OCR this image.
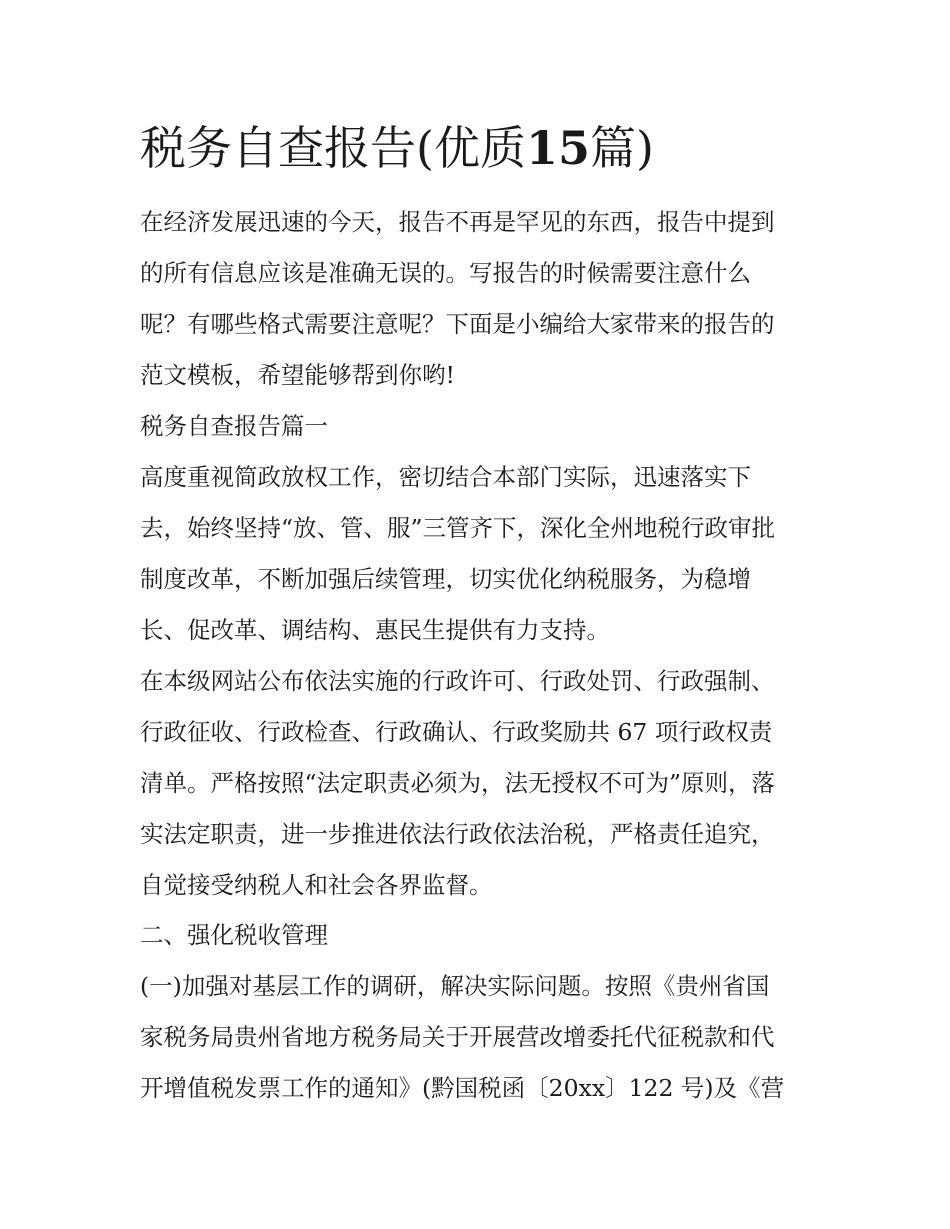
税务自查报告(优质15篇)

在经济发展迅速的今天，报告不再是罕见的东西，报告中提到

的所有信息应该是准确无误的。写报告的时候需要注意什么

呢？有哪些格式需要注意呢？下面是小编给大家带来的报告的

范文模板，希望能够帮到你哟!

税务自查报告篇一

高度重视简政放权工作，密切结合本部门实际，迅速落实下

去，始终坚持“放、管、服”三管齐下，深化全州地税行政审批

制度改革，不断加强后续管理，切实优化纳税服务，为稳增

长、促改革、调结构、惠民生提供有力支持。

在本级网站公布依法实施的行政许可、行政处罚、行政强制、

行政征收、行政检查、行政确认、行政奖励共 67 项行政权责

清单。严格按照“法定职责必须为，法无授权不可为”原则，落

实法定职责，进一步推进依法行政依法治税，严格责任追究，

自觉接受纳税人和社会各界监督。

二、强化税收管理

(一)加强对基层工作的调研，解决实际问题。按照《贵州省国

家税务局贵州省地方税务局关于开展营改增委托代征税款和代

开增值税发票工作的通知》(黔国税函〔20xx〕122 号)及《营
